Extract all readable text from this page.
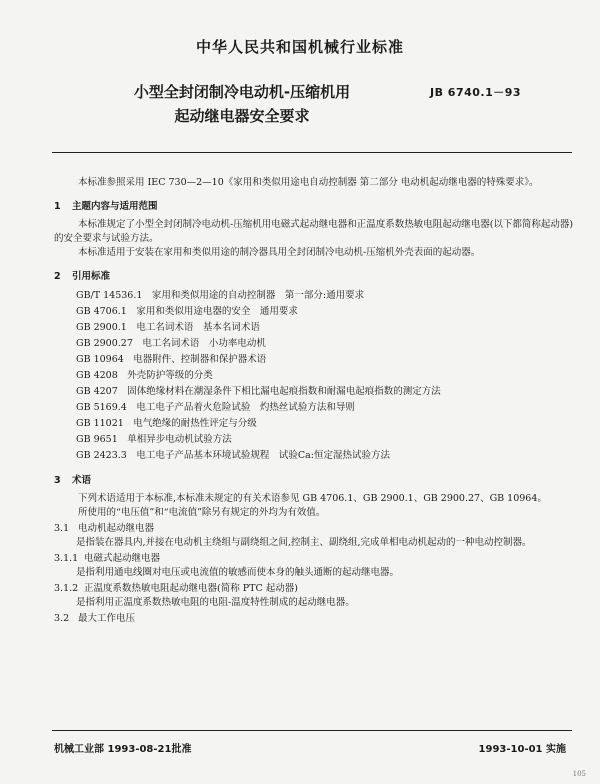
中华人民共和国机械行业标准
小型全封闭制冷电动机-压缩机用
起动继电器安全要求
JB 6740.1－93

本标准参照采用 IEC 730—2—10《家用和类似用途电自动控制器 第二部分 电动机起动继电器的特殊要求》。

1 主题内容与适用范围

本标准规定了小型全封闭制冷电动机-压缩机用电磁式起动继电器和正温度系数热敏电阻起动继电器(以下都简称起动器)的安全要求与试验方法。

本标准适用于安装在家用和类似用途的制冷器具用全封闭制冷电动机-压缩机外壳表面的起动器。

2 引用标准

GB/T 14536.1　家用和类似用途的自动控制器　第一部分:通用要求

GB 4706.1　家用和类似用途电器的安全　通用要求

GB 2900.1　电工名词术语　基本名词术语

GB 2900.27　电工名词术语　小功率电动机

GB 10964　电器附件、控制器和保护器术语

GB 4208　外壳防护等级的分类

GB 4207　固体绝缘材料在潮湿条件下相比漏电起痕指数和耐漏电起痕指数的测定方法

GB 5169.4　电工电子产品着火危险试验　灼热丝试验方法和导则

GB 11021　电气绝缘的耐热性评定与分级

GB 9651　单相异步电动机试验方法

GB 2423.3　电工电子产品基本环境试验规程　试验Ca:恒定湿热试验方法

3 术语

下列术语适用于本标准,本标准未规定的有关术语参见 GB 4706.1、GB 2900.1、GB 2900.27、GB 10964。

所使用的“电压值”和“电流值”除另有规定的外均为有效值。

3.1 电动机起动继电器

是指装在器具内,并接在电动机主绕组与副绕组之间,控制主、副绕组,完成单相电动机起动的一种电动控制器。

3.1.1 电磁式起动继电器

是指利用通电线圈对电压或电流值的敏感而使本身的触头通断的起动继电器。

3.1.2 正温度系数热敏电阻起动继电器(简称 PTC 起动器)

是指利用正温度系数热敏电阻的电阻-温度特性制成的起动继电器。

3.2 最大工作电压

机械工业部 1993-08-21批准	1993-10-01 实施
105
